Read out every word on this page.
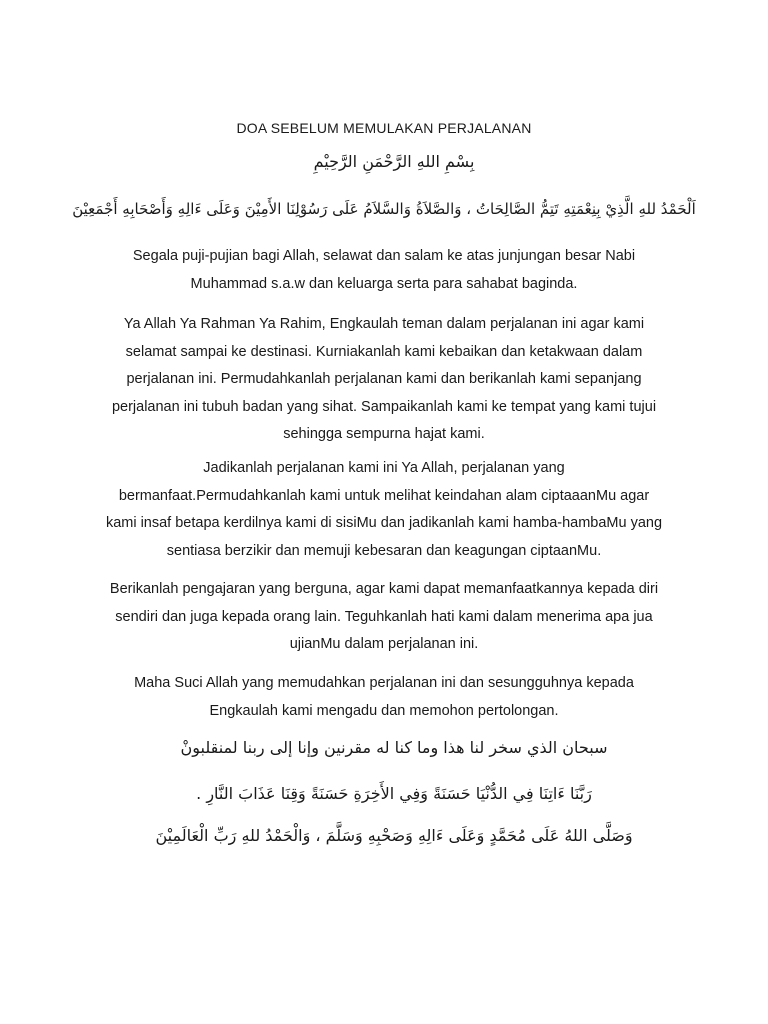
DOA SEBELUM MEMULAKAN PERJALANAN
بِسْمِ اللهِ الرَّحْمَنِ الرَّحِيْمِ
اَلْحَمْدُ للهِ الَّذِيْ بِنِعْمَتِهِ تَتِمُّ الصَّالِحَاتُ ، وَالصَّلاَةُ وَالسَّلاَمُ عَلَى رَسُوْلِنَا الأَمِيْنَ وَعَلَى ءَالِهِ وَأَصْحَابِهِ أَجْمَعِيْنَ
Segala puji-pujian bagi Allah, selawat dan salam ke atas junjungan besar Nabi
Muhammad s.a.w dan keluarga serta para sahabat baginda.
Ya Allah Ya Rahman Ya Rahim, Engkaulah teman dalam perjalanan ini agar kami
selamat sampai ke destinasi. Kurniakanlah kami kebaikan dan ketakwaan dalam
perjalanan ini. Permudahkanlah perjalanan kami dan berikanlah kami sepanjang
perjalanan ini tubuh badan yang sihat. Sampaikanlah kami ke tempat yang kami tujui
sehingga sempurna hajat kami.
Jadikanlah perjalanan kami ini Ya Allah, perjalanan yang
bermanfaat.Permudahkanlah kami untuk melihat keindahan alam ciptaaanMu agar
kami insaf betapa kerdilnya kami di sisiMu dan jadikanlah kami hamba-hambaMu yang
sentiasa berzikir dan memuji kebesaran dan keagungan ciptaanMu.
Berikanlah pengajaran yang berguna, agar kami dapat memanfaatkannya kepada diri
sendiri dan juga kepada orang lain. Teguhkanlah hati kami dalam menerima apa jua
ujianMu dalam perjalanan ini.
Maha Suci Allah yang memudahkan perjalanan ini dan sesungguhnya kepada
Engkaulah kami mengadu dan memohon pertolongan.
سبحان الذي سخر لنا هذا وما كنا له مقرنين وإنا إلى ربنا لمنقلبونْ
رَبَّنَا ءَاتِنَا فِي الدُّنْيَا حَسَنَةً وَفِي الأَخِرَةِ حَسَنَةً وَقِنَا عَذَابَ النَّارِ .
وَصَلَّى اللهُ عَلَى مُحَمَّدٍ وَعَلَى ءَالِهِ وَصَحْبِهِ وَسَلَّمَ ، وَالْحَمْدُ للهِ رَبِّ الْعَالَمِيْنَ
